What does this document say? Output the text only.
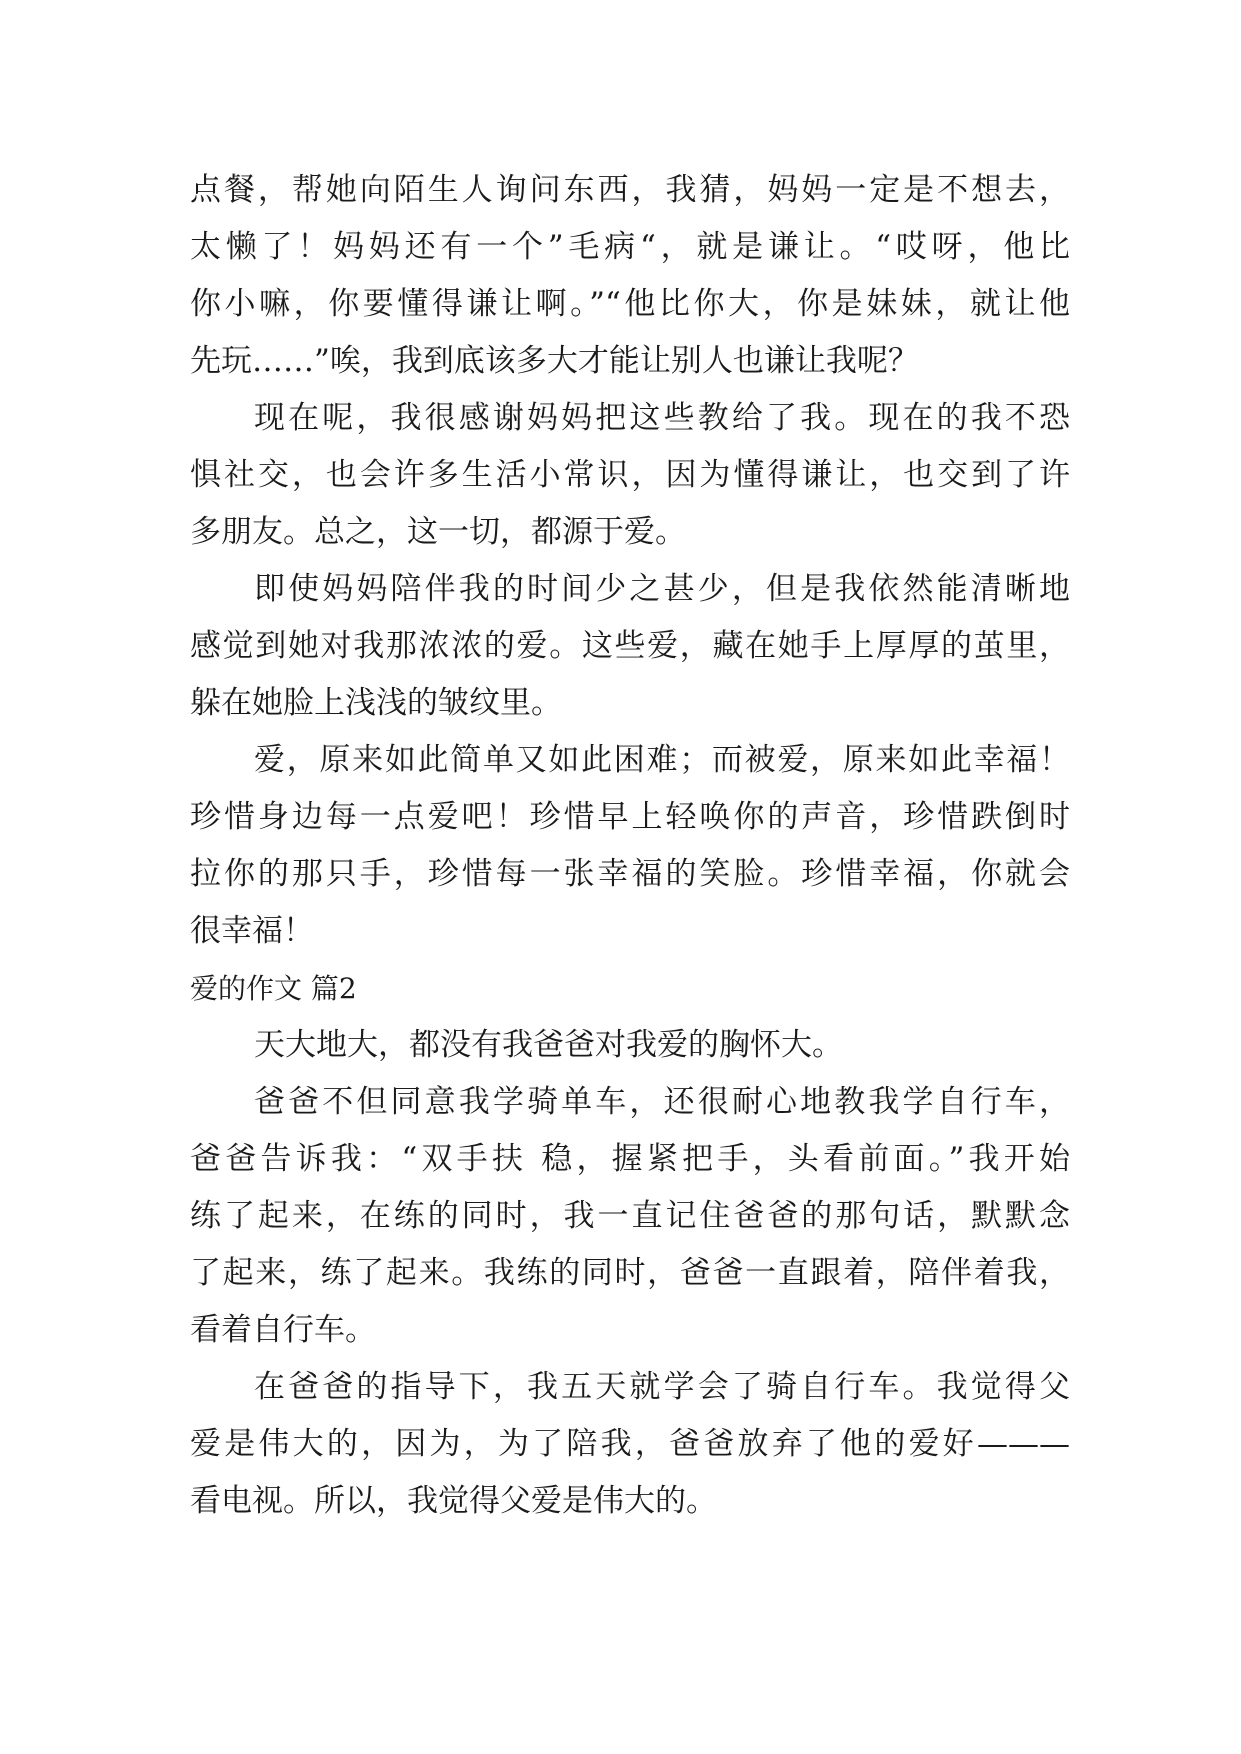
点餐，帮她向陌生人询问东西，我猜，妈妈一定是不想去，
太懒了！妈妈还有一个”毛病“，就是谦让。“哎呀，他比
你小嘛，你要懂得谦让啊。”“他比你大，你是妹妹，就让他
先玩……”唉，我到底该多大才能让别人也谦让我呢？
现在呢，我很感谢妈妈把这些教给了我。现在的我不恐
惧社交，也会许多生活小常识，因为懂得谦让，也交到了许
多朋友。总之，这一切，都源于爱。
即使妈妈陪伴我的时间少之甚少，但是我依然能清晰地
感觉到她对我那浓浓的爱。这些爱，藏在她手上厚厚的茧里，
躲在她脸上浅浅的皱纹里。
爱，原来如此简单又如此困难；而被爱，原来如此幸福！
珍惜身边每一点爱吧！珍惜早上轻唤你的声音，珍惜跌倒时
拉你的那只手，珍惜每一张幸福的笑脸。珍惜幸福，你就会
很幸福！
爱的作文 篇2
天大地大，都没有我爸爸对我爱的胸怀大。
爸爸不但同意我学骑单车，还很耐心地教我学自行车，
爸爸告诉我：“双手扶 稳，握紧把手，头看前面。”我开始
练了起来，在练的同时，我一直记住爸爸的那句话，默默念
了起来，练了起来。我练的同时，爸爸一直跟着，陪伴着我，
看着自行车。
在爸爸的指导下，我五天就学会了骑自行车。我觉得父
爱是伟大的，因为，为了陪我，爸爸放弃了他的爱好———
看电视。所以，我觉得父爱是伟大的。
